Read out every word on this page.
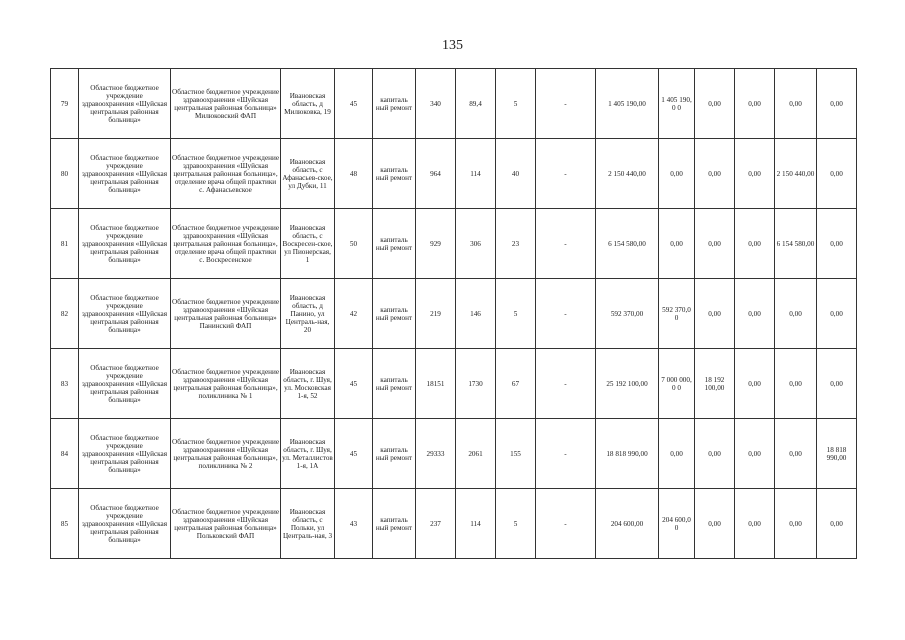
135
79	Областное бюджетное учреждение здравоохранения «Шуйская центральная районная больница»	Областное бюджетное учреждение здравоохранения «Шуйская центральная районная больница» Милюковский ФАП	Ивановская область, д Милюковка, 19	45	капиталь ный ремонт	340	89,4	5	-	1 405 190,00	1 405 190,0 0	0,00	0,00	0,00	0,00

80	Областное бюджетное учреждение здравоохранения «Шуйская центральная районная больница»	Областное бюджетное учреждение здравоохранения «Шуйская центральная районная больница», отделение врача общей практики с. Афанасьевское	Ивановская область, с Афанасьев-ское, ул Дубки, 11	48	капиталь ный ремонт	964	114	40	-	2 150 440,00	0,00	0,00	0,00	2 150 440,00	0,00

81	Областное бюджетное учреждение здравоохранения «Шуйская центральная районная больница»	Областное бюджетное учреждение здравоохранения «Шуйская центральная районная больница», отделение врача общей практики с. Воскресенское	Ивановская область, с Воскресен-ское, ул Пионерская, 1	50	капиталь ный ремонт	929	306	23	-	6 154 580,00	0,00	0,00	0,00	6 154 580,00	0,00

82	Областное бюджетное учреждение здравоохранения «Шуйская центральная районная больница»	Областное бюджетное учреждение здравоохранения «Шуйская центральная районная больница» Панинский ФАП	Ивановская область, д Панино, ул Централь-ная, 20	42	капиталь ный ремонт	219	146	5	-	592 370,00	592 370,0 0	0,00	0,00	0,00	0,00

83	Областное бюджетное учреждение здравоохранения «Шуйская центральная районная больница»	Областное бюджетное учреждение здравоохранения «Шуйская центральная районная больница», поликлиника № 1	Ивановская область, г. Шуя, ул. Московская 1-я, 52	45	капиталь ный ремонт	18151	1730	67	-	25 192 100,00	7 000 000,0 0	18 192 100,00	0,00	0,00	0,00

84	Областное бюджетное учреждение здравоохранения «Шуйская центральная районная больница»	Областное бюджетное учреждение здравоохранения «Шуйская центральная районная больница», поликлиника № 2	Ивановская область, г. Шуя, ул. Металлистов 1-я, 1А	45	капиталь ный ремонт	29333	2061	155	-	18 818 990,00	0,00	0,00	0,00	0,00	18 818 990,00

85	Областное бюджетное учреждение здравоохранения «Шуйская центральная районная больница»	Областное бюджетное учреждение здравоохранения «Шуйская центральная районная больница» Польковский ФАП	Ивановская область, с Польки, ул Централь-ная, 3	43	капиталь ный ремонт	237	114	5	-	204 600,00	204 600,0 0	0,00	0,00	0,00	0,00
